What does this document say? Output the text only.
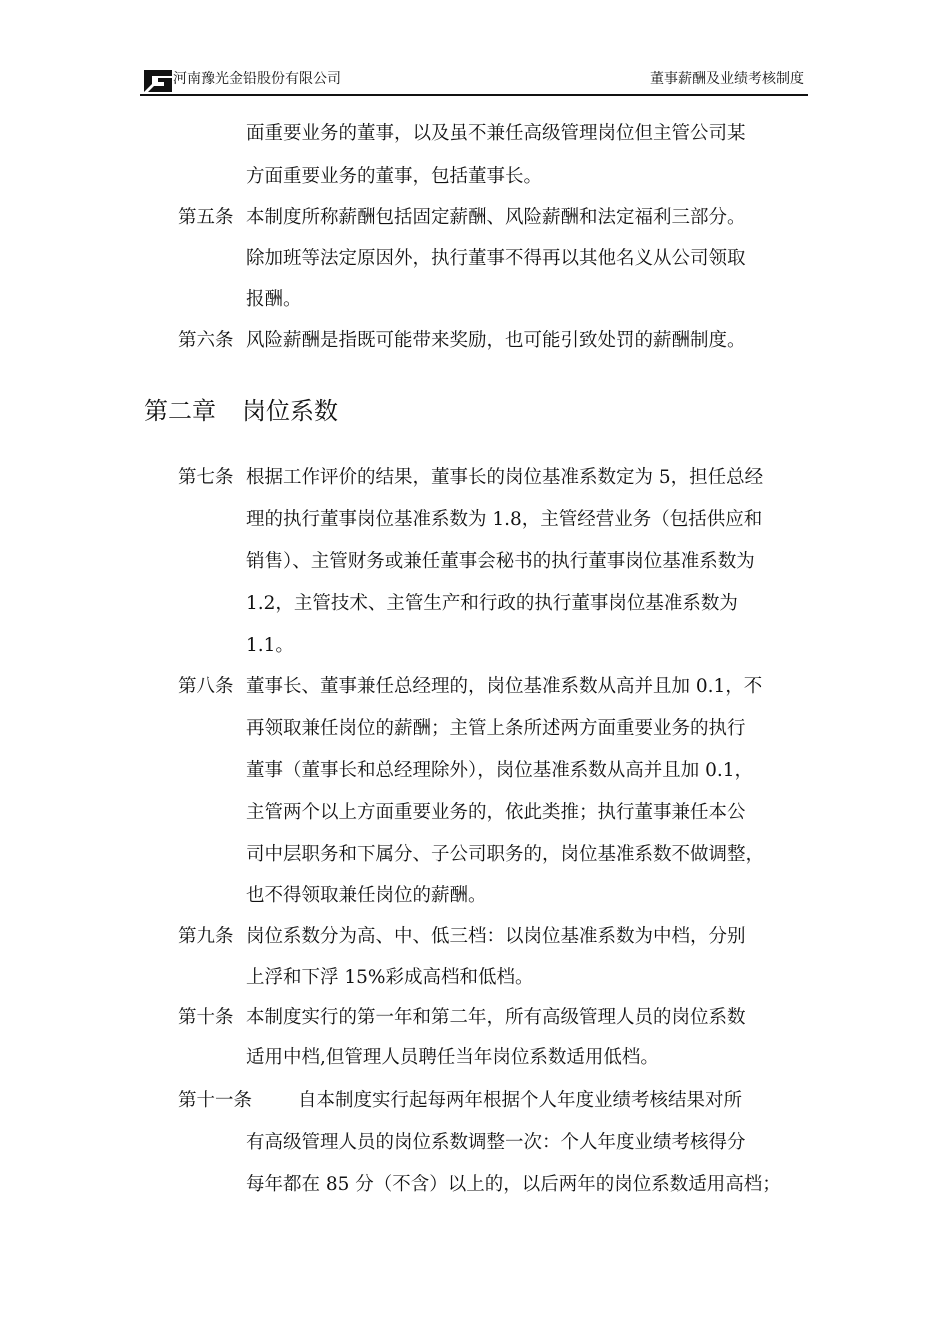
河南豫光金铅股份有限公司	董事薪酬及业绩考核制度
面重要业务的董事，以及虽不兼任高级管理岗位但主管公司某
方面重要业务的董事，包括董事长。
第五条 本制度所称薪酬包括固定薪酬、风险薪酬和法定福利三部分。
除加班等法定原因外，执行董事不得再以其他名义从公司领取
报酬。
第六条 风险薪酬是指既可能带来奖励，也可能引致处罚的薪酬制度。
第二章 岗位系数
第七条 根据工作评价的结果，董事长的岗位基准系数定为 5，担任总经
理的执行董事岗位基准系数为 1.8，主管经营业务（包括供应和
销售）、主管财务或兼任董事会秘书的执行董事岗位基准系数为
1.2，主管技术、主管生产和行政的执行董事岗位基准系数为
1.1。
第八条 董事长、董事兼任总经理的，岗位基准系数从高并且加 0.1，不
再领取兼任岗位的薪酬；主管上条所述两方面重要业务的执行
董事（董事长和总经理除外），岗位基准系数从高并且加 0.1，
主管两个以上方面重要业务的，依此类推；执行董事兼任本公
司中层职务和下属分、子公司职务的，岗位基准系数不做调整，
也不得领取兼任岗位的薪酬。
第九条 岗位系数分为高、中、低三档：以岗位基准系数为中档，分别
上浮和下浮 15%彩成高档和低档。
第十条 本制度实行的第一年和第二年，所有高级管理人员的岗位系数
适用中档,但管理人员聘任当年岗位系数适用低档。
第十一条 自本制度实行起每两年根据个人年度业绩考核结果对所
有高级管理人员的岗位系数调整一次：个人年度业绩考核得分
每年都在 85 分（不含）以上的，以后两年的岗位系数适用高档；
